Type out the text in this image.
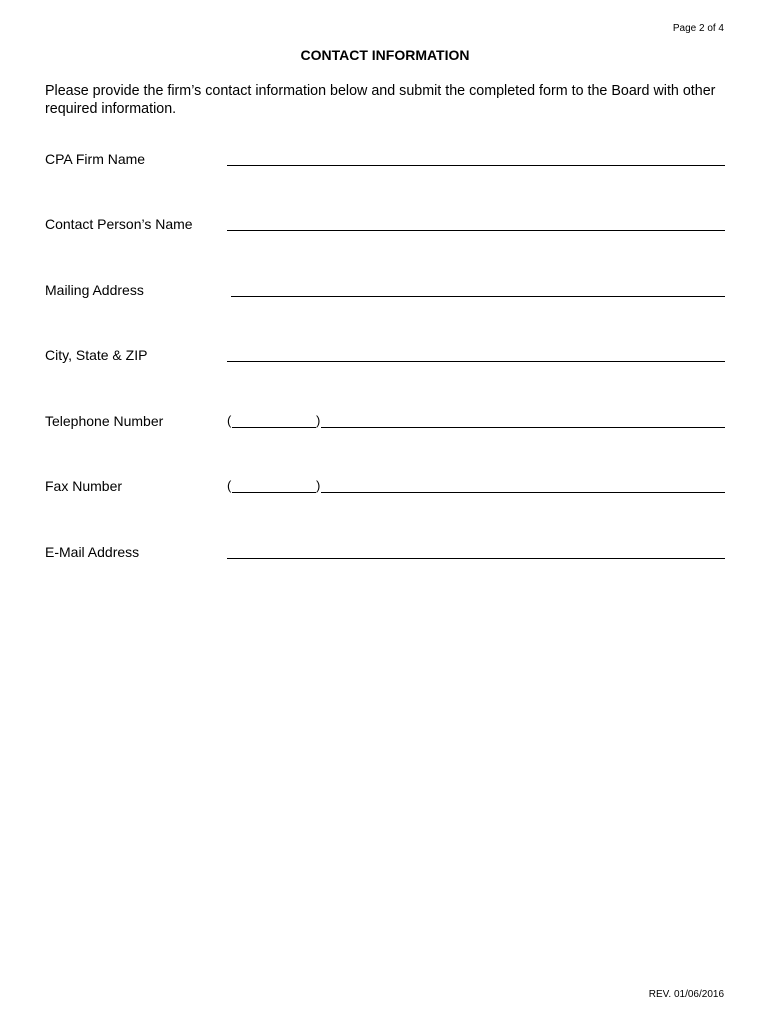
Page 2 of 4
CONTACT INFORMATION

Please provide the firm’s contact information below and submit the completed form to the Board with other required information.

CPA Firm Name
Contact Person’s Name
Mailing Address
City, State & ZIP
Telephone Number	(	)
Fax Number	(	)
E-Mail Address
REV. 01/06/2016
